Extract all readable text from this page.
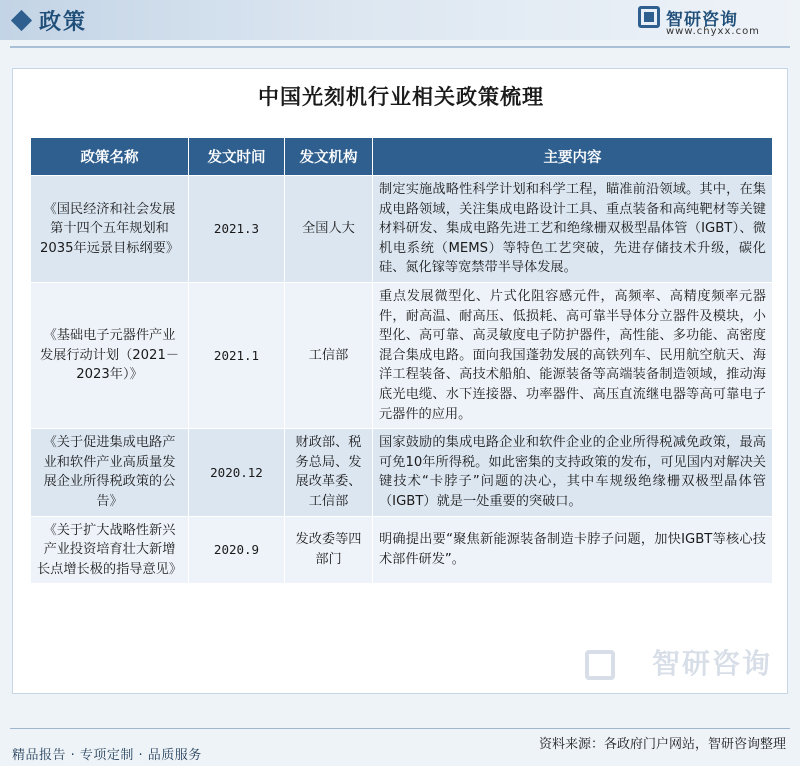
政策	智研咨询
www.chyxx.com
中国光刻机行业相关政策梳理
政策名称	发文时间	发文机构	主要内容
《国民经济和社会发展第十四个五年规划和2035年远景目标纲要》	2021.3	全国人大	制定实施战略性科学计划和科学工程，瞄准前沿领域。其中，在集成电路领域，关注集成电路设计工具、重点装备和高纯靶材等关键材料研发、集成电路先进工艺和绝缘栅双极型晶体管（IGBT）、微机电系统（MEMS）等特色工艺突破，先进存储技术升级，碳化硅、氮化镓等宽禁带半导体发展。
《基础电子元器件产业发展行动计划（2021－2023年）》	2021.1	工信部	重点发展微型化、片式化阻容感元件，高频率、高精度频率元器件，耐高温、耐高压、低损耗、高可靠半导体分立器件及模块，小型化、高可靠、高灵敏度电子防护器件，高性能、多功能、高密度混合集成电路。面向我国蓬勃发展的高铁列车、民用航空航天、海洋工程装备、高技术船舶、能源装备等高端装备制造领域，推动海底光电缆、水下连接器、功率器件、高压直流继电器等高可靠电子元器件的应用。
《关于促进集成电路产业和软件产业高质量发展企业所得税政策的公告》	2020.12	财政部、税务总局、发展改革委、工信部	国家鼓励的集成电路企业和软件企业的企业所得税减免政策，最高可免10年所得税。如此密集的支持政策的发布，可见国内对解决关键技术“卡脖子”问题的决心，其中车规级绝缘栅双极型晶体管（IGBT）就是一处重要的突破口。
《关于扩大战略性新兴产业投资培育壮大新增长点增长极的指导意见》	2020.9	发改委等四部门	明确提出要“聚焦新能源装备制造卡脖子问题，加快IGBT等核心技术部件研发”。
智研咨询
资料来源：各政府门户网站，智研咨询整理
精品报告 · 专项定制 · 品质服务
